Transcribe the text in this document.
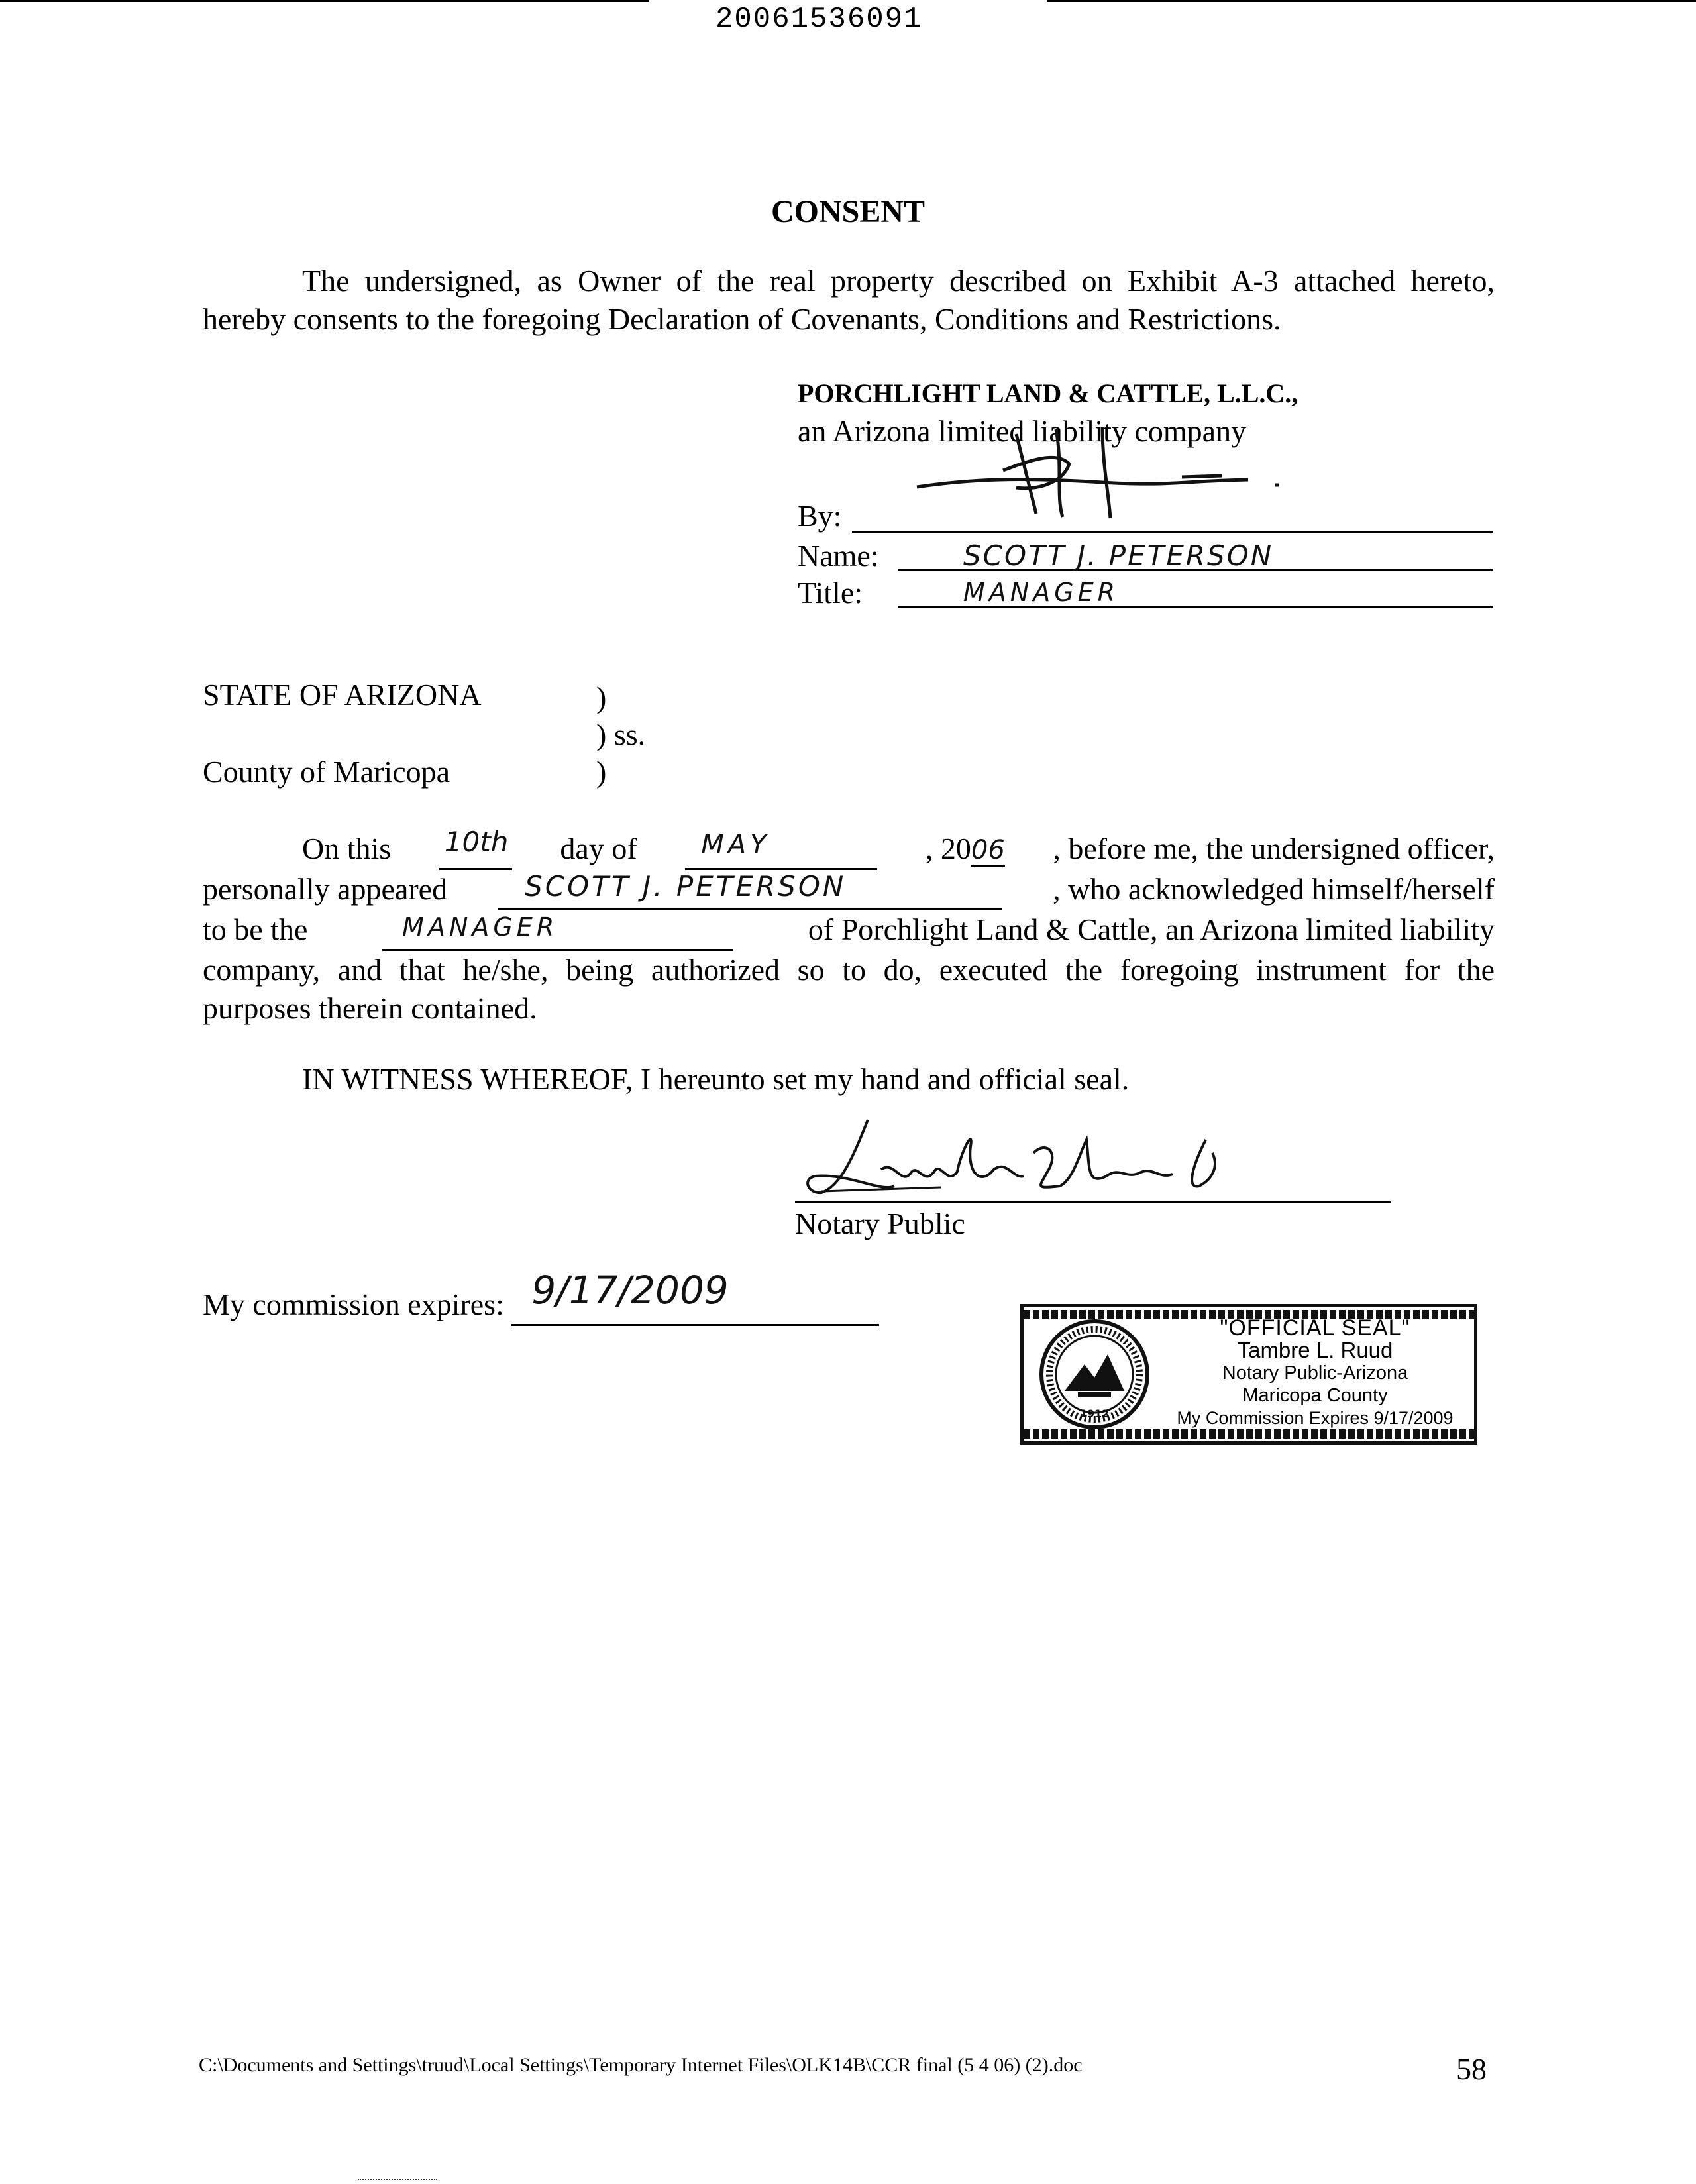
20061536091
CONSENT
The undersigned, as Owner of the real property described on Exhibit A-3 attached hereto,
hereby consents to the foregoing Declaration of Covenants, Conditions and Restrictions.
PORCHLIGHT LAND & CATTLE, L.L.C.,
an Arizona limited liability company
By:
Name:	SCOTT J. PETERSON
Title:	MANAGER
STATE OF ARIZONA	)
) ss.
County of Maricopa	)
On this 10th
day of MAY
	, 2006 , before me, the undersigned officer,
personally appeared	SCOTT J. PETERSON
	, who acknowledged himself/herself
to be the	MANAGER
	of Porchlight Land & Cattle, an Arizona limited liability
company, and that he/she, being authorized so to do, executed the foregoing instrument for the
purposes therein contained.
IN WITNESS WHEREOF, I hereunto set my hand and official seal.
Notary Public
My commission expires: 9/17/2009

1912
"OFFICIAL SEAL"
Tambre L. Ruud
Notary Public-Arizona
Maricopa County
My Commission Expires 9/17/2009
C:\Documents and Settings\truud\Local Settings\Temporary Internet Files\OLK14B\CCR final (5 4 06) (2).doc	58
